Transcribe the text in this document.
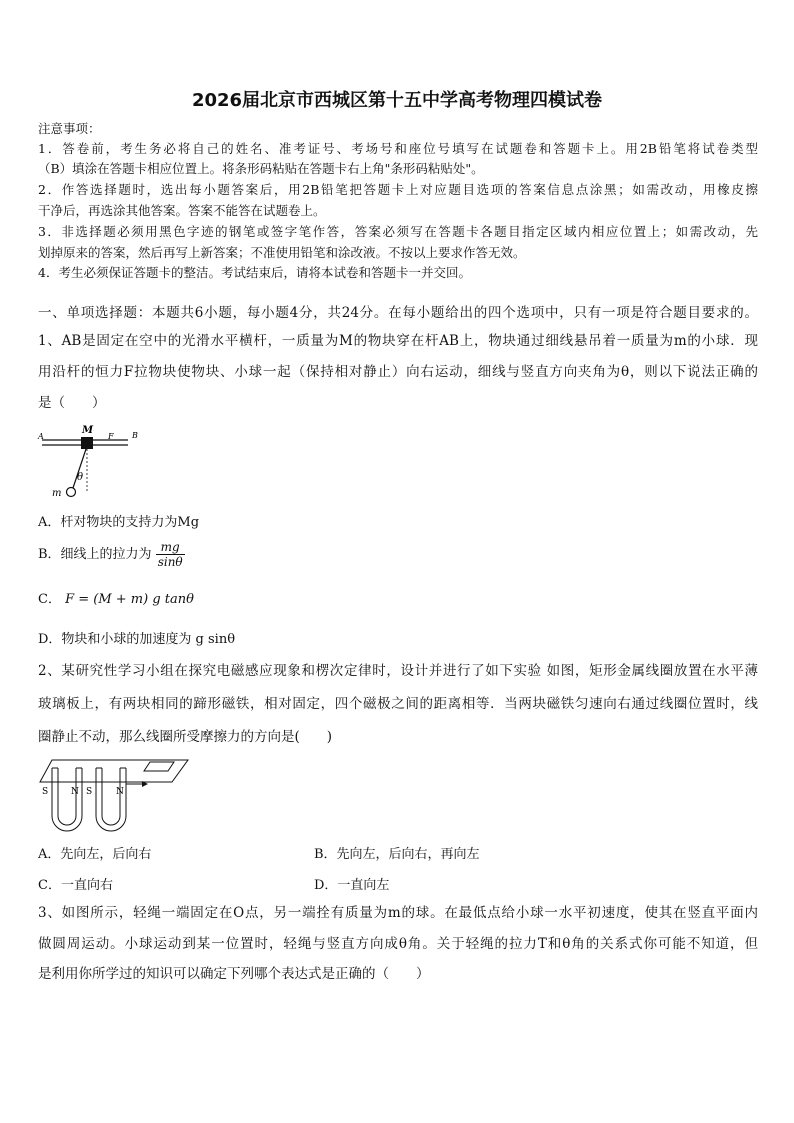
2026届北京市西城区第十五中学高考物理四模试卷
注意事项：
1．答卷前，考生务必将自己的姓名、准考证号、考场号和座位号填写在试题卷和答题卡上。用2B铅笔将试卷类型
（B）填涂在答题卡相应位置上。将条形码粘贴在答题卡右上角"条形码粘贴处"。
2．作答选择题时，选出每小题答案后，用2B铅笔把答题卡上对应题目选项的答案信息点涂黑；如需改动，用橡皮擦
干净后，再选涂其他答案。答案不能答在试题卷上。
3．非选择题必须用黑色字迹的钢笔或签字笔作答，答案必须写在答题卡各题目指定区域内相应位置上；如需改动，先
划掉原来的答案，然后再写上新答案；不准使用铅笔和涂改液。不按以上要求作答无效。
4．考生必须保证答题卡的整洁。考试结束后，请将本试卷和答题卡一并交回。
一、单项选择题：本题共6小题，每小题4分，共24分。在每小题给出的四个选项中，只有一项是符合题目要求的。
1、AB是固定在空中的光滑水平横杆，一质量为M的物块穿在杆AB上，物块通过细线悬吊着一质量为m的小球．现
用沿杆的恒力F拉物块使物块、小球一起（保持相对静止）向右运动，细线与竖直方向夹角为θ，则以下说法正确的
是（　　）
A	B
M
F
θ
m
A．杆对物块的支持力为Mg
B．细线上的拉力为 $\frac{mg}{\sin\theta}$
C． F = (M + m) g tanθ
D．物块和小球的加速度为 g sinθ
2、某研究性学习小组在探究电磁感应现象和楞次定律时，设计并进行了如下实验 如图，矩形金属线圈放置在水平薄
玻璃板上，有两块相同的蹄形磁铁，相对固定，四个磁极之间的距离相等．当两块磁铁匀速向右通过线圈位置时，线
圈静止不动，那么线圈所受摩擦力的方向是(　　)
S	N S	N
A．先向左，后向右	B．先向左，后向右，再向左
C．一直向右	D．一直向左
3、如图所示，轻绳一端固定在O点，另一端拴有质量为m的球。在最低点给小球一水平初速度，使其在竖直平面内
做圆周运动。小球运动到某一位置时，轻绳与竖直方向成θ角。关于轻绳的拉力T和θ角的关系式你可能不知道，但
是利用你所学过的知识可以确定下列哪个表达式是正确的（　　）
